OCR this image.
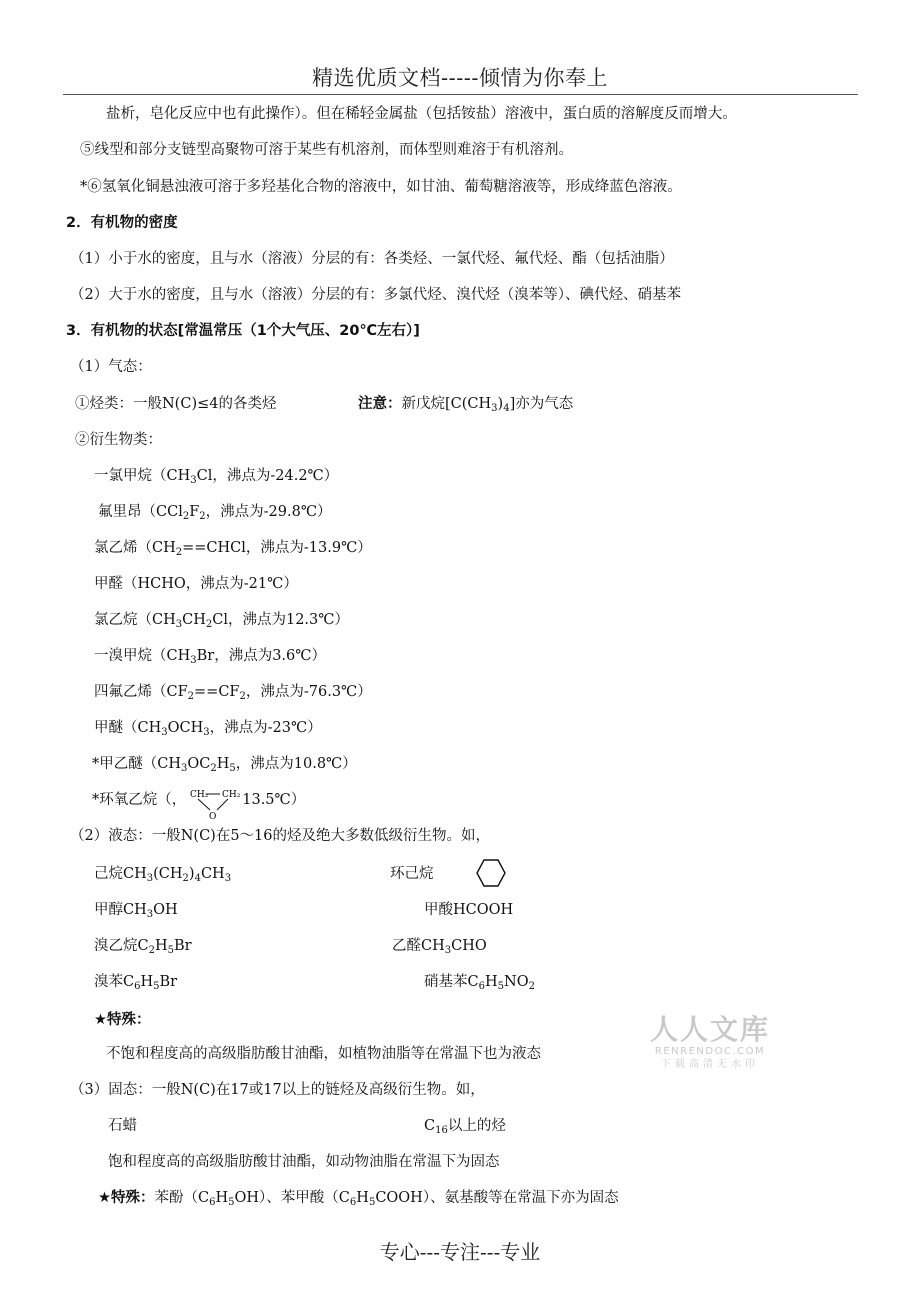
精选优质文档-----倾情为你奉上
盐析，皂化反应中也有此操作）。但在稀轻金属盐（包括铵盐）溶液中，蛋白质的溶解度反而增大。
⑤线型和部分支链型高聚物可溶于某些有机溶剂，而体型则难溶于有机溶剂。
*⑥氢氧化铜悬浊液可溶于多羟基化合物的溶液中，如甘油、葡萄糖溶液等，形成绛蓝色溶液。
2．有机物的密度
（1）小于水的密度，且与水（溶液）分层的有：各类烃、一氯代烃、氟代烃、酯（包括油脂）
（2）大于水的密度，且与水（溶液）分层的有：多氯代烃、溴代烃（溴苯等）、碘代烃、硝基苯
3．有机物的状态[常温常压（1个大气压、20℃左右）]
（1）气态：
①烃类：一般N(C)≤4的各类烃	注意：新戊烷$[C(CH_3)_4]$亦为气态
②衍生物类：
一氯甲烷（$CH_3Cl$，沸点为-24.2℃）
氟里昂（$CCl_2F_2$，沸点为-29.8℃）
氯乙烯（$CH_2==CHCl$，沸点为-13.9℃）
甲醛（HCHO，沸点为-21℃）
氯乙烷（$CH_3CH_2Cl$，沸点为12.3℃）
一溴甲烷（$CH_3Br$，沸点为3.6℃）
四氟乙烯（$CF_2==CF_2$，沸点为-76.3℃）
甲醚（$CH_3OCH_3$，沸点为-23℃）
*甲乙醚（$CH_3OC_2H_5$，沸点为10.8℃）
*环氧乙烷（，	13.5℃）
CH₂ CH₂
O
（2）液态：一般N(C)在5～16的烃及绝大多数低级衍生物。如，
己烷$CH_3(CH_2)_4CH_3$	环己烷
甲醇$CH_3OH$	甲酸HCOOH
溴乙烷$C_2H_5Br$	乙醛$CH_3CHO$
溴苯$C_6H_5Br$	硝基苯$C_6H_5NO_2$
★特殊：
不饱和程度高的高级脂肪酸甘油酯，如植物油脂等在常温下也为液态
（3）固态：一般N(C)在17或17以上的链烃及高级衍生物。如，
石蜡	$C_{16}$以上的烃
饱和程度高的高级脂肪酸甘油酯，如动物油脂在常温下为固态
★特殊：苯酚$(C_6H_5OH)$、苯甲酸$(C_6H_5COOH)$、氨基酸等在常温下亦为固态
人人文库
RENRENDOC.COM
下载高清无水印
专心---专注---专业
